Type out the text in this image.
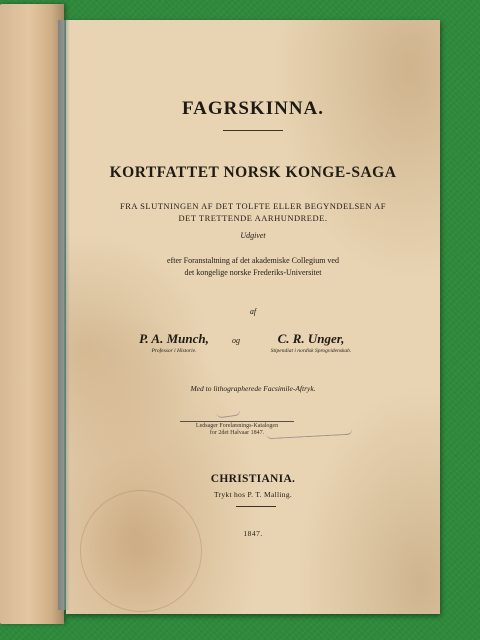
FAGRSKINNA.
KORTFATTET NORSK KONGE-SAGA
FRA SLUTNINGEN AF DET TOLFTE ELLER BEGYNDELSEN AF
DET TRETTENDE AARHUNDREDE.
Udgivet
efter Foranstaltning af det akademiske Collegium ved
det kongelige norske Frederiks-Universitet
af
P. A. Munch,
Professor i Historie.
og	C. R. Unger,
Stipendiat i nordisk Sprogvidenskab.
Med to lithographerede Facsimile-Aftryk.
Ledsager Forelæsnings-Katalogen
for 2det Halvaar 1847.
CHRISTIANIA.
Trykt hos P. T. Malling.
1847.
